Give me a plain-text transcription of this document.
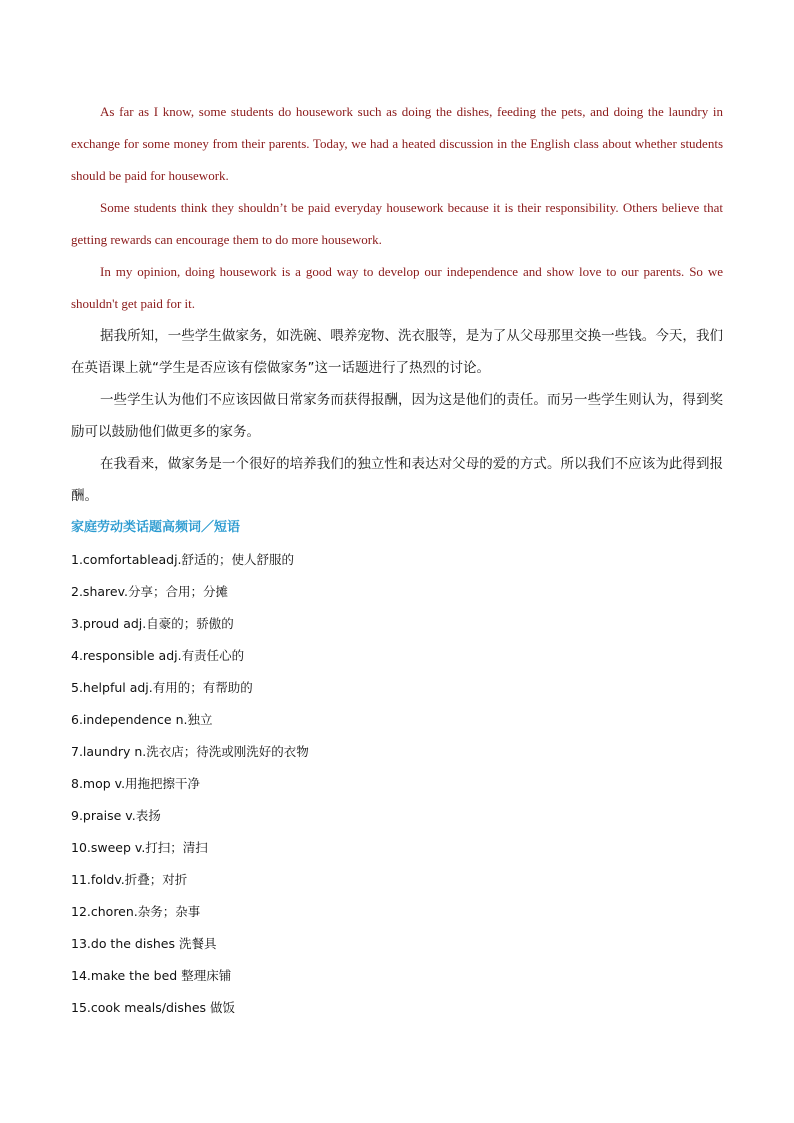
As far as I know, some students do housework such as doing the dishes, feeding the pets, and doing the laundry in exchange for some money from their parents. Today, we had a heated discussion in the English class about whether students should be paid for housework.

Some students think they shouldn’t be paid everyday housework because it is their responsibility. Others believe that getting rewards can encourage them to do more housework.

In my opinion, doing housework is a good way to develop our independence and show love to our parents. So we shouldn't get paid for it.

据我所知，一些学生做家务，如洗碗、喂养宠物、洗衣服等，是为了从父母那里交换一些钱。今天，我们在英语课上就“学生是否应该有偿做家务”这一话题进行了热烈的讨论。

一些学生认为他们不应该因做日常家务而获得报酬，因为这是他们的责任。而另一些学生则认为，得到奖励可以鼓励他们做更多的家务。

在我看来，做家务是一个很好的培养我们的独立性和表达对父母的爱的方式。所以我们不应该为此得到报酬。

家庭劳动类话题高频词／短语

1.comfortableadj.舒适的；使人舒服的
2.sharev.分享；合用；分摊
3.proud adj.自豪的；骄傲的
4.responsible adj.有责任心的
5.helpful adj.有用的；有帮助的
6.independence n.独立
7.laundry n.洗衣店；待洗或刚洗好的衣物
8.mop v.用拖把擦干净
9.praise v.表扬
10.sweep v.打扫；清扫
11.foldv.折叠；对折
12.choren.杂务；杂事
13.do the dishes 洗餐具
14.make the bed 整理床铺
15.cook meals/dishes 做饭
